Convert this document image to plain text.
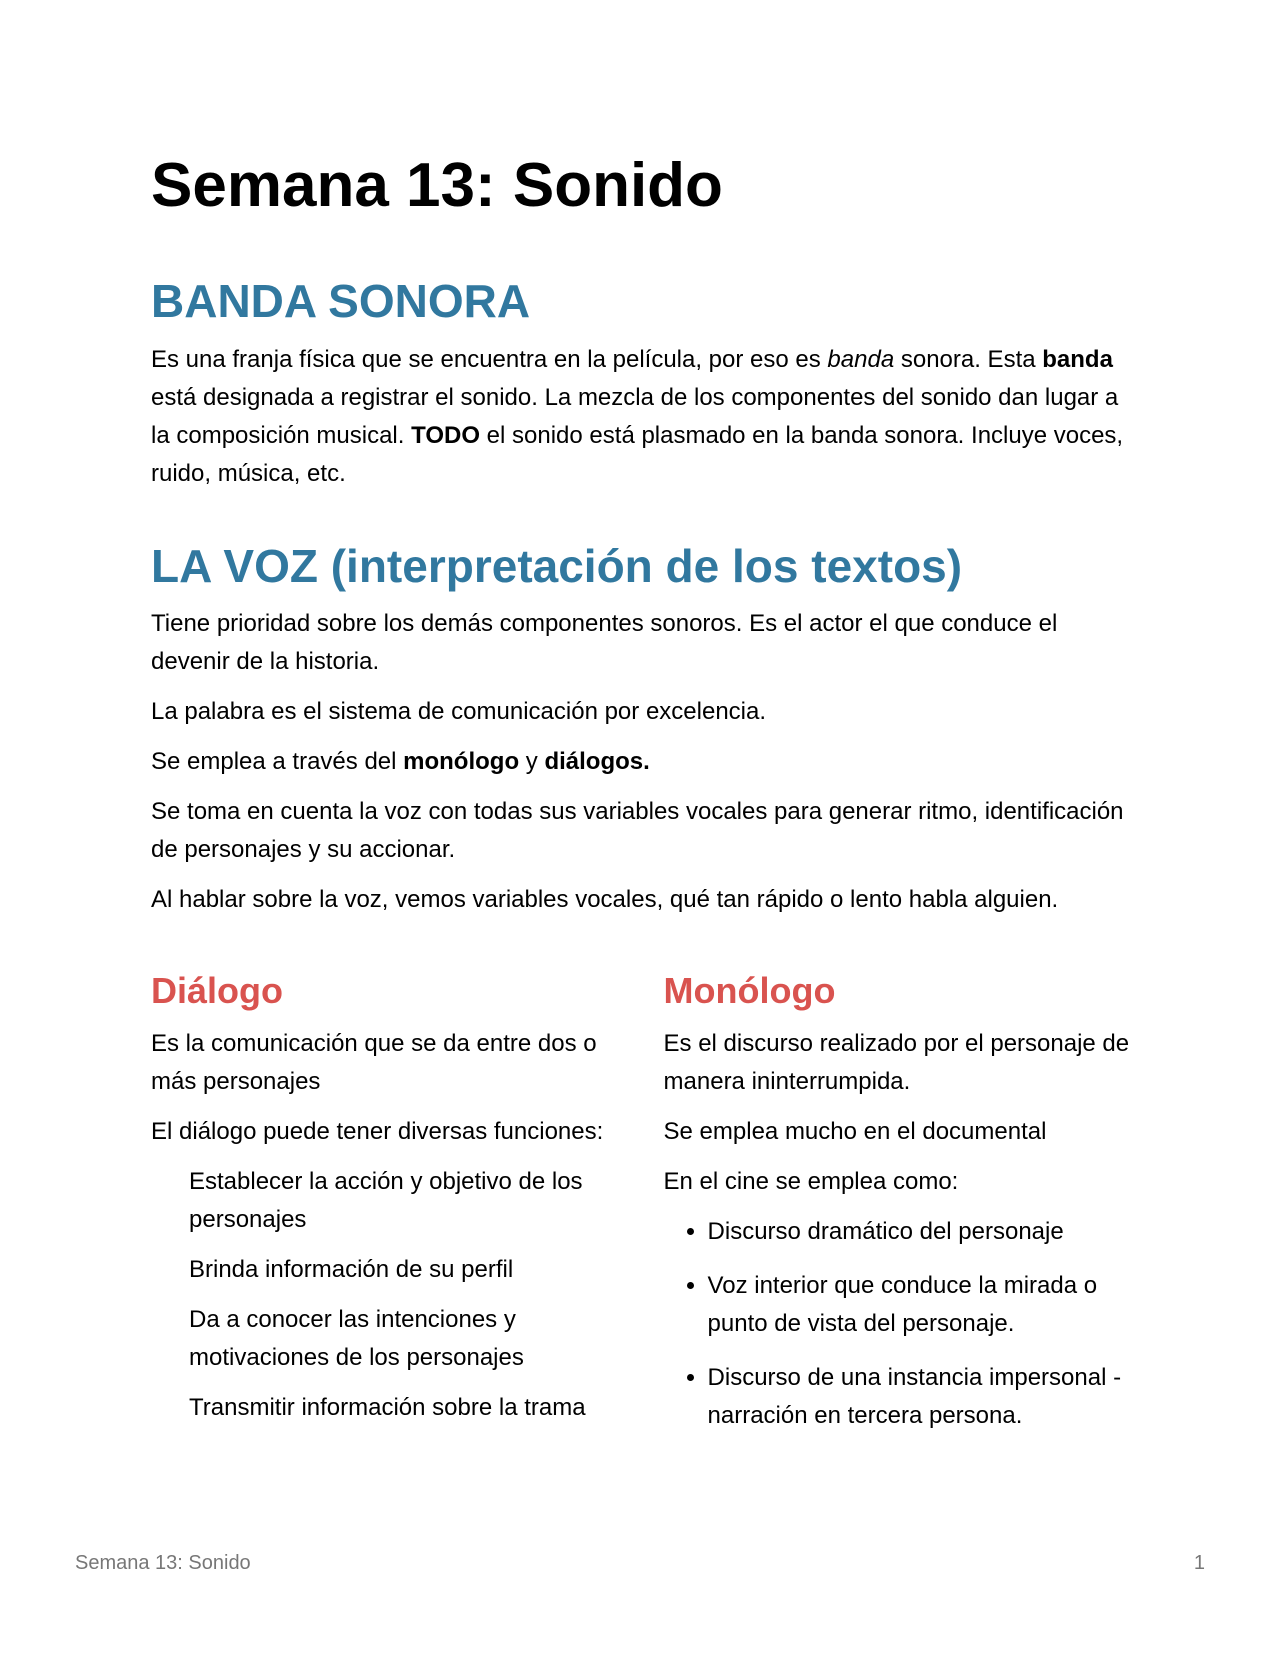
Semana 13: Sonido
BANDA SONORA

Es una franja física que se encuentra en la película, por eso es banda sonora. Esta banda está designada a registrar el sonido. La mezcla de los componentes del sonido dan lugar a la composición musical. TODO el sonido está plasmado en la banda sonora. Incluye voces, ruido, música, etc.

LA VOZ (interpretación de los textos)

Tiene prioridad sobre los demás componentes sonoros. Es el actor el que conduce el devenir de la historia.

La palabra es el sistema de comunicación por excelencia.

Se emplea a través del monólogo y diálogos.

Se toma en cuenta la voz con todas sus variables vocales para generar ritmo, identificación de personajes y su accionar.

Al hablar sobre la voz, vemos variables vocales, qué tan rápido o lento habla alguien.

Diálogo

Es la comunicación que se da entre dos o más personajes

El diálogo puede tener diversas funciones:

Establecer la acción y objetivo de los personajes

Brinda información de su perfil

Da a conocer las intenciones y motivaciones de los personajes

Transmitir información sobre la trama

Monólogo

Es el discurso realizado por el personaje de manera ininterrumpida.

Se emplea mucho en el documental

En el cine se emplea como:

• Discurso dramático del personaje
• Voz interior que conduce la mirada o punto de vista del personaje.
• Discurso de una instancia impersonal - narración en tercera persona.
Semana 13: Sonido	1
